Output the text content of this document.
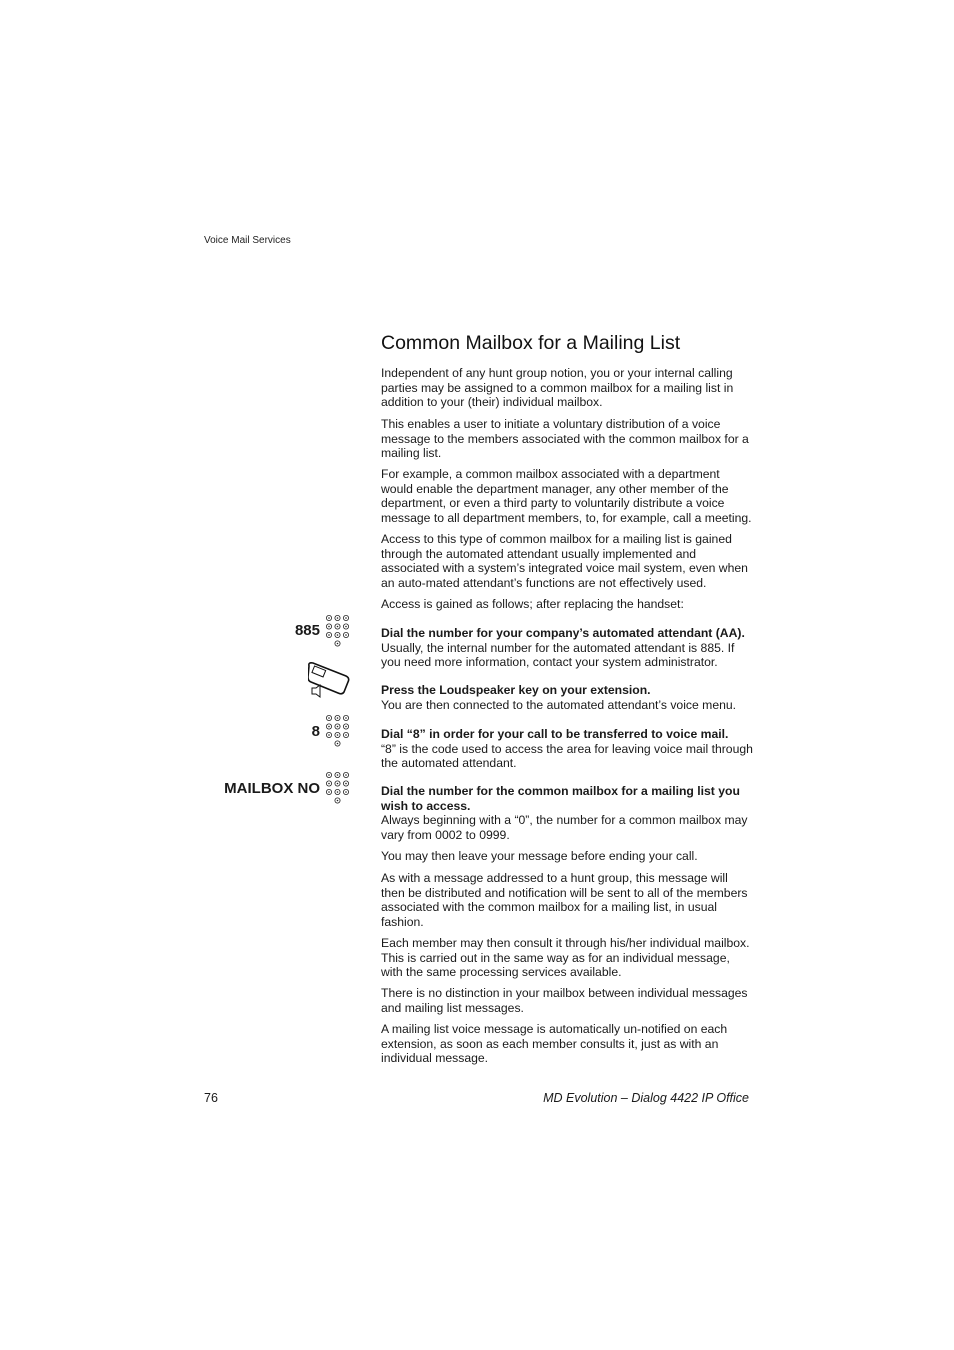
Voice Mail Services
Common Mailbox for a Mailing List

Independent of any hunt group notion, you or your internal calling parties may be assigned to a common mailbox for a mailing list in addition to your (their) individual mailbox.

This enables a user to initiate a voluntary distribution of a voice message to the members associated with the common mailbox for a mailing list.

For example, a common mailbox associated with a department would enable the department manager, any other member of the department, or even a third party to voluntarily distribute a voice message to all department members, to, for example, call a meeting.

Access to this type of common mailbox for a mailing list is gained through the automated attendant usually implemented and associated with a system’s integrated voice mail system, even when an auto-mated attendant’s functions are not effectively used.

Access is gained as follows; after replacing the handset:

885	Dial the number for your company’s automated attendant (AA).
Usually, the internal number for the automated attendant is 885. If you need more information, contact your system administrator.
Press the Loudspeaker key on your extension.
You are then connected to the automated attendant’s voice menu.
8	Dial “8” in order for your call to be transferred to voice mail.
“8” is the code used to access the area for leaving voice mail through the automated attendant.
MAILBOX NO	Dial the number for the common mailbox for a mailing list you wish to access.
Always beginning with a “0”, the number for a common mailbox may vary from 0002 to 0999.

You may then leave your message before ending your call.

As with a message addressed to a hunt group, this message will then be distributed and notification will be sent to all of the members associated with the common mailbox for a mailing list, in usual fashion.

Each member may then consult it through his/her individual mailbox. This is carried out in the same way as for an individual message, with the same processing services available.

There is no distinction in your mailbox between individual messages and mailing list messages.

A mailing list voice message is automatically un-notified on each extension, as soon as each member consults it, just as with an individual message.

76	MD Evolution – Dialog 4422 IP Office
